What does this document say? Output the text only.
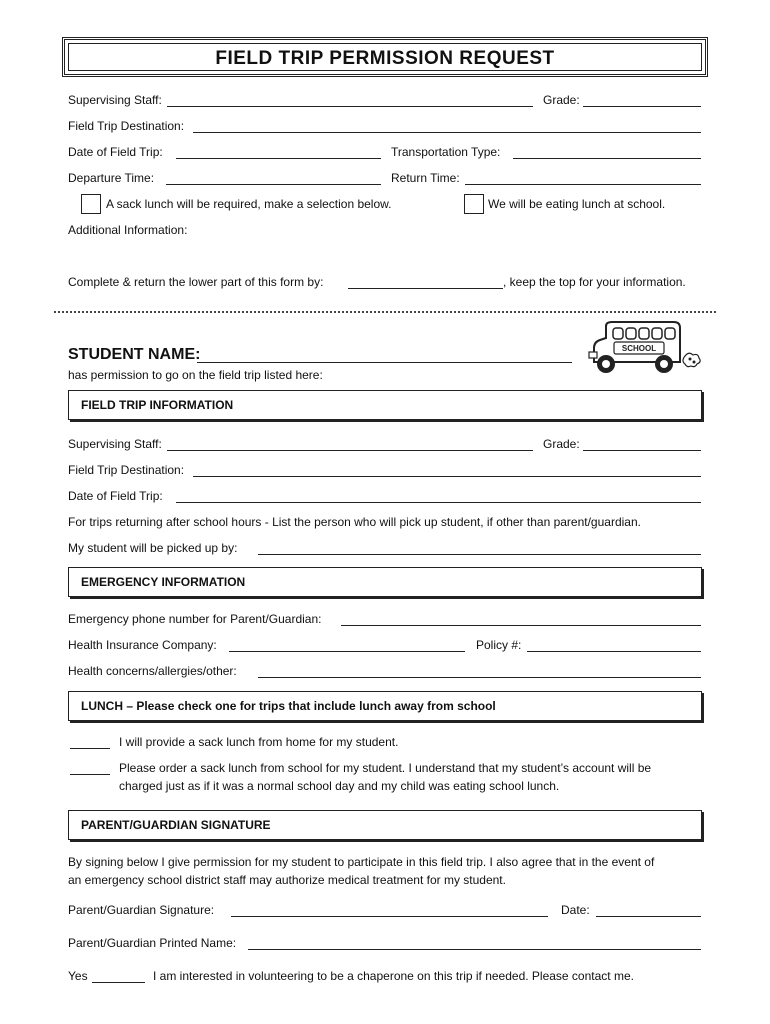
FIELD TRIP PERMISSION REQUEST
Supervising Staff:	Grade:
Field Trip Destination:
Date of Field Trip:	Transportation Type:
Departure Time:	Return Time:
A sack lunch will be required, make a selection below.	We will be eating lunch at school.
Additional Information:
Complete & return the lower part of this form by:	, keep the top for your information.
STUDENT NAME:
has permission to go on the field trip listed here:
SCHOOL
FIELD TRIP INFORMATION
Supervising Staff:	Grade:
Field Trip Destination:
Date of Field Trip:
For trips returning after school hours - List the person who will pick up student, if other than parent/guardian.
My student will be picked up by:
EMERGENCY INFORMATION
Emergency phone number for Parent/Guardian:
Health Insurance Company:	Policy #:
Health concerns/allergies/other:
LUNCH – Please check one for trips that include lunch away from school
I will provide a sack lunch from home for my student.
Please order a sack lunch from school for my student. I understand that my student’s account will be
charged just as if it was a normal school day and my child was eating school lunch.
PARENT/GUARDIAN SIGNATURE
By signing below I give permission for my student to participate in this field trip. I also agree that in the event of
an emergency school district staff may authorize medical treatment for my student.
Parent/Guardian Signature:	Date:
Parent/Guardian Printed Name:
Yes	I am interested in volunteering to be a chaperone on this trip if needed. Please contact me.
